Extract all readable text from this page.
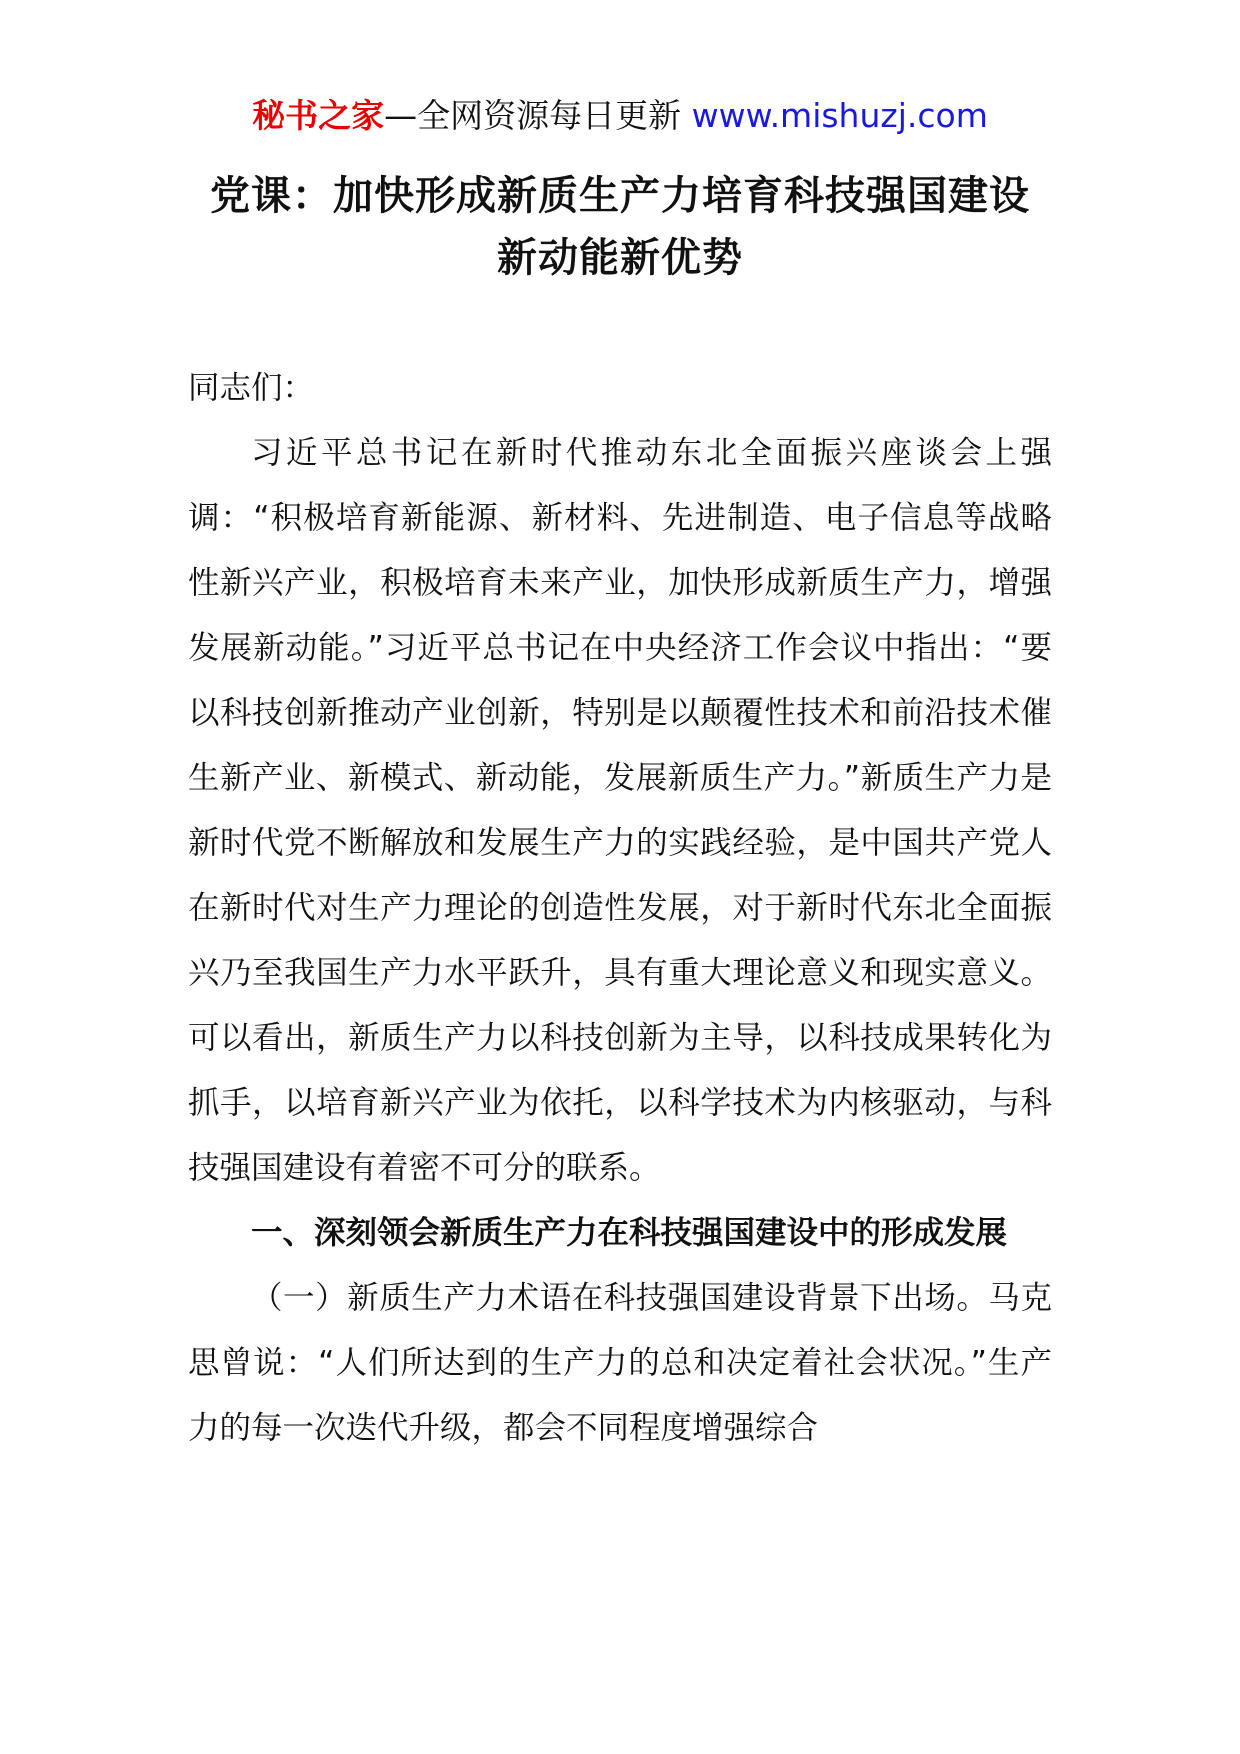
秘书之家—全网资源每日更新 www.mishuzj.com
党课：加快形成新质生产力培育科技强国建设
新动能新优势

同志们：

习近平总书记在新时代推动东北全面振兴座谈会上强调：“积极培育新能源、新材料、先进制造、电子信息等战略性新兴产业，积极培育未来产业，加快形成新质生产力，增强发展新动能。”习近平总书记在中央经济工作会议中指出：“要以科技创新推动产业创新，特别是以颠覆性技术和前沿技术催生新产业、新模式、新动能，发展新质生产力。”新质生产力是新时代党不断解放和发展生产力的实践经验，是中国共产党人在新时代对生产力理论的创造性发展，对于新时代东北全面振兴乃至我国生产力水平跃升，具有重大理论意义和现实意义。可以看出，新质生产力以科技创新为主导，以科技成果转化为抓手，以培育新兴产业为依托，以科学技术为内核驱动，与科技强国建设有着密不可分的联系。

一、深刻领会新质生产力在科技强国建设中的形成发展

（一）新质生产力术语在科技强国建设背景下出场。马克思曾说：“人们所达到的生产力的总和决定着社会状况。”生产力的每一次迭代升级，都会不同程度增强综合
